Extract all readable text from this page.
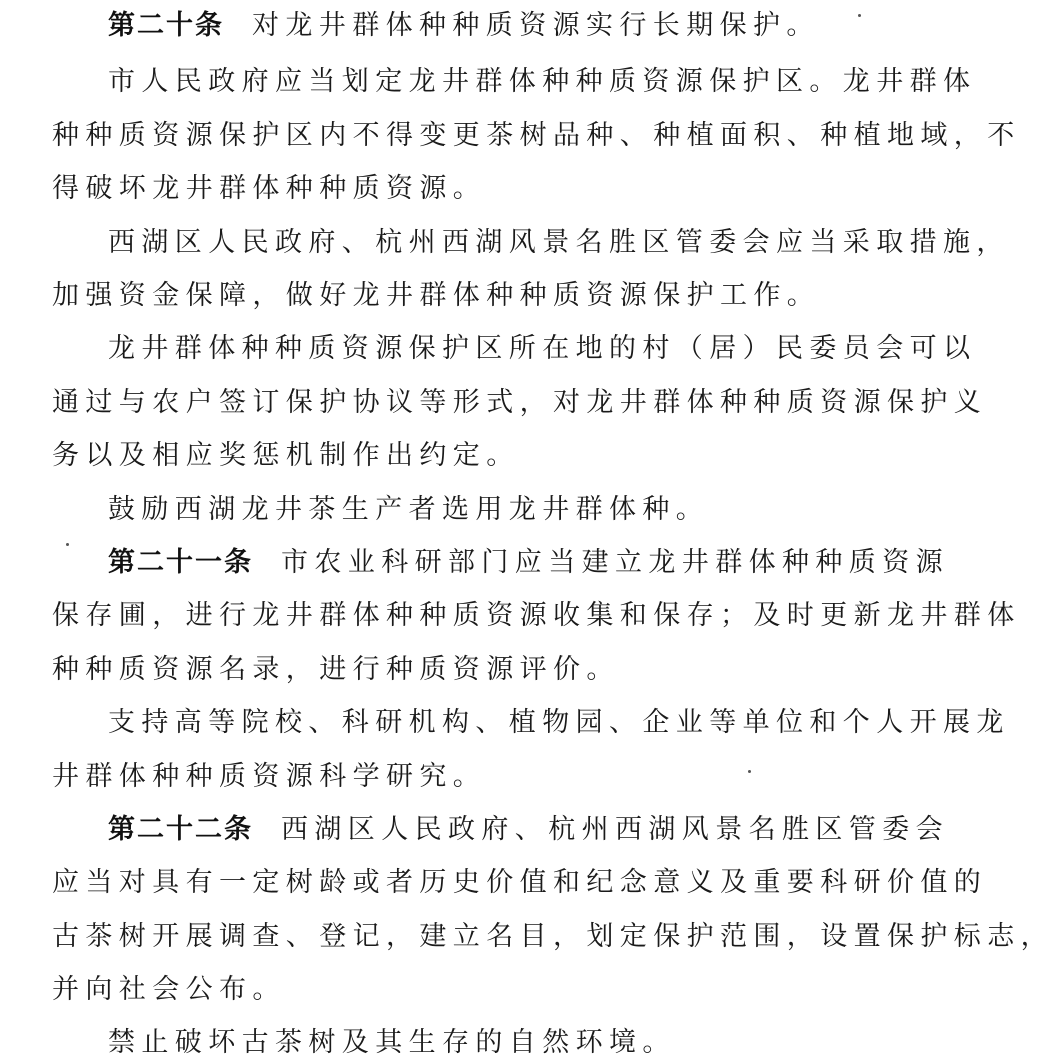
第二十条 对龙井群体种种质资源实行长期保护。
市人民政府应当划定龙井群体种种质资源保护区。龙井群体
种种质资源保护区内不得变更茶树品种、种植面积、种植地域，不
得破坏龙井群体种种质资源。
西湖区人民政府、杭州西湖风景名胜区管委会应当采取措施，
加强资金保障，做好龙井群体种种质资源保护工作。
龙井群体种种质资源保护区所在地的村（居）民委员会可以
通过与农户签订保护协议等形式，对龙井群体种种质资源保护义
务以及相应奖惩机制作出约定。
鼓励西湖龙井茶生产者选用龙井群体种。
第二十一条 市农业科研部门应当建立龙井群体种种质资源
保存圃，进行龙井群体种种质资源收集和保存；及时更新龙井群体
种种质资源名录，进行种质资源评价。
支持高等院校、科研机构、植物园、企业等单位和个人开展龙
井群体种种质资源科学研究。
第二十二条 西湖区人民政府、杭州西湖风景名胜区管委会
应当对具有一定树龄或者历史价值和纪念意义及重要科研价值的
古茶树开展调查、登记，建立名目，划定保护范围，设置保护标志，
并向社会公布。
禁止破坏古茶树及其生存的自然环境。
